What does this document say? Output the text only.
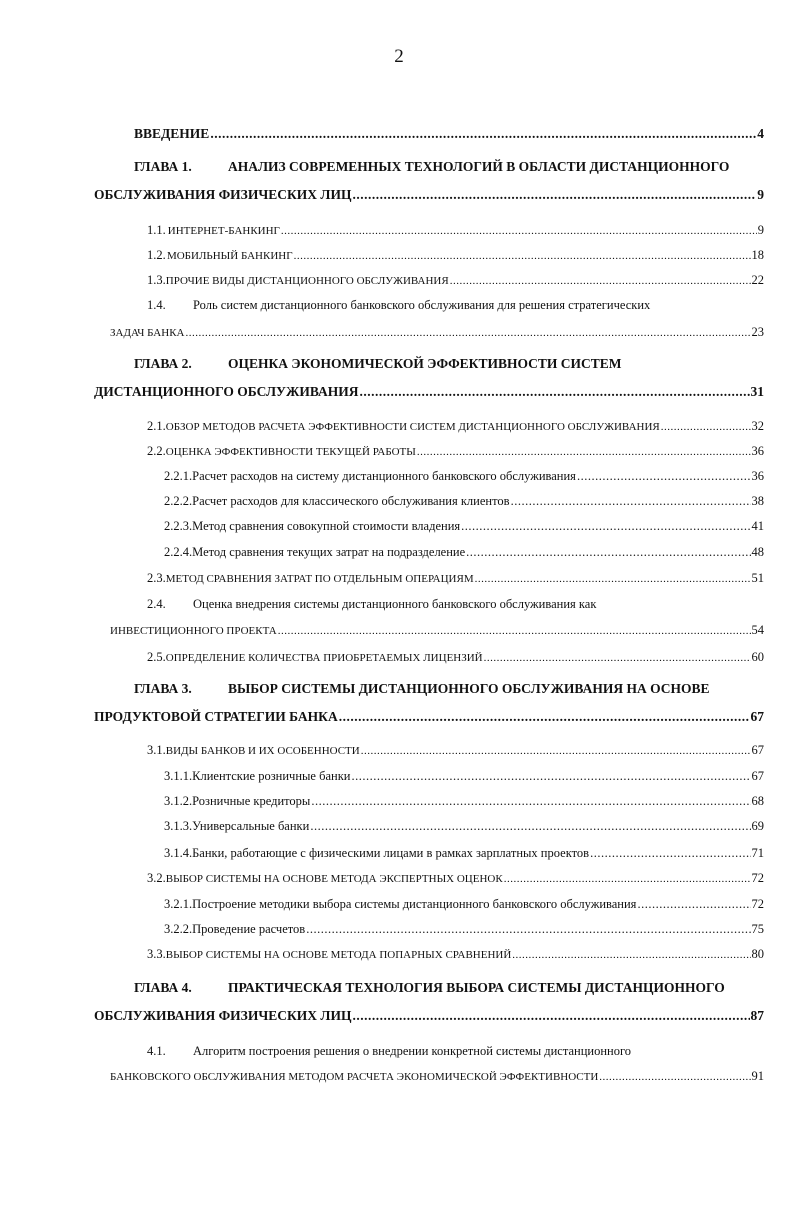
2
ВВЕДЕНИЕ .....	4
ГЛАВА 1.	АНАЛИЗ СОВРЕМЕННЫХ ТЕХНОЛОГИЙ В ОБЛАСТИ ДИСТАНЦИОННОГО
ОБСЛУЖИВАНИЯ ФИЗИЧЕСКИХ ЛИЦ .....	9
1.1. ИНТЕРНЕТ-БАНКИНГ .....	9
1.2. МОБИЛЬНЫЙ БАНКИНГ .....	18
1.3. ПРОЧИЕ ВИДЫ ДИСТАНЦИОННОГО ОБСЛУЖИВАНИЯ .....	22
1.4.	Роль систем дистанционного банковского обслуживания для решения стратегических
ЗАДАЧ БАНКА .....	23
ГЛАВА 2.	ОЦЕНКА ЭКОНОМИЧЕСКОЙ ЭФФЕКТИВНОСТИ СИСТЕМ
ДИСТАНЦИОННОГО ОБСЛУЖИВАНИЯ .....	31
2.1. ОБЗОР МЕТОДОВ РАСЧЕТА ЭФФЕКТИВНОСТИ СИСТЕМ ДИСТАНЦИОННОГО ОБСЛУЖИВАНИЯ .....	32
2.2. ОЦЕНКА ЭФФЕКТИВНОСТИ ТЕКУЩЕЙ РАБОТЫ .....	36
2.2.1. Расчет расходов на систему дистанционного банковского обслуживания .....	36
2.2.2. Расчет расходов для классического обслуживания клиентов .....	38
2.2.3. Метод сравнения совокупной стоимости владения .....	41
2.2.4. Метод сравнения текущих затрат на подразделение .....	48
2.3. МЕТОД СРАВНЕНИЯ ЗАТРАТ ПО ОТДЕЛЬНЫМ ОПЕРАЦИЯМ .....	51
2.4.	Оценка внедрения системы дистанционного банковского обслуживания как
ИНВЕСТИЦИОННОГО ПРОЕКТА .....	54
2.5. ОПРЕДЕЛЕНИЕ КОЛИЧЕСТВА ПРИОБРЕТАЕМЫХ ЛИЦЕНЗИЙ .....	60
ГЛАВА 3.	ВЫБОР СИСТЕМЫ ДИСТАНЦИОННОГО ОБСЛУЖИВАНИЯ НА ОСНОВЕ
ПРОДУКТОВОЙ СТРАТЕГИИ БАНКА .....	67
3.1. ВИДЫ БАНКОВ И ИХ ОСОБЕННОСТИ .....	67
3.1.1. Клиентские розничные банки .....	67
3.1.2. Розничные кредиторы .....	68
3.1.3. Универсальные банки .....	69
3.1.4. Банки, работающие с физическими лицами в рамках зарплатных проектов .....	71
3.2. ВЫБОР СИСТЕМЫ НА ОСНОВЕ МЕТОДА ЭКСПЕРТНЫХ ОЦЕНОК .....	72
3.2.1. Построение методики выбора системы дистанционного банковского обслуживания .....	72
3.2.2. Проведение расчетов .....	75
3.3. ВЫБОР СИСТЕМЫ НА ОСНОВЕ МЕТОДА ПОПАРНЫХ СРАВНЕНИЙ .....	80
ГЛАВА 4.	ПРАКТИЧЕСКАЯ ТЕХНОЛОГИЯ ВЫБОРА СИСТЕМЫ ДИСТАНЦИОННОГО
ОБСЛУЖИВАНИЯ ФИЗИЧЕСКИХ ЛИЦ .....	87
4.1.	Алгоритм построения решения о внедрении конкретной системы дистанционного
БАНКОВСКОГО ОБСЛУЖИВАНИЯ МЕТОДОМ РАСЧЕТА ЭКОНОМИЧЕСКОЙ ЭФФЕКТИВНОСТИ .....	91
